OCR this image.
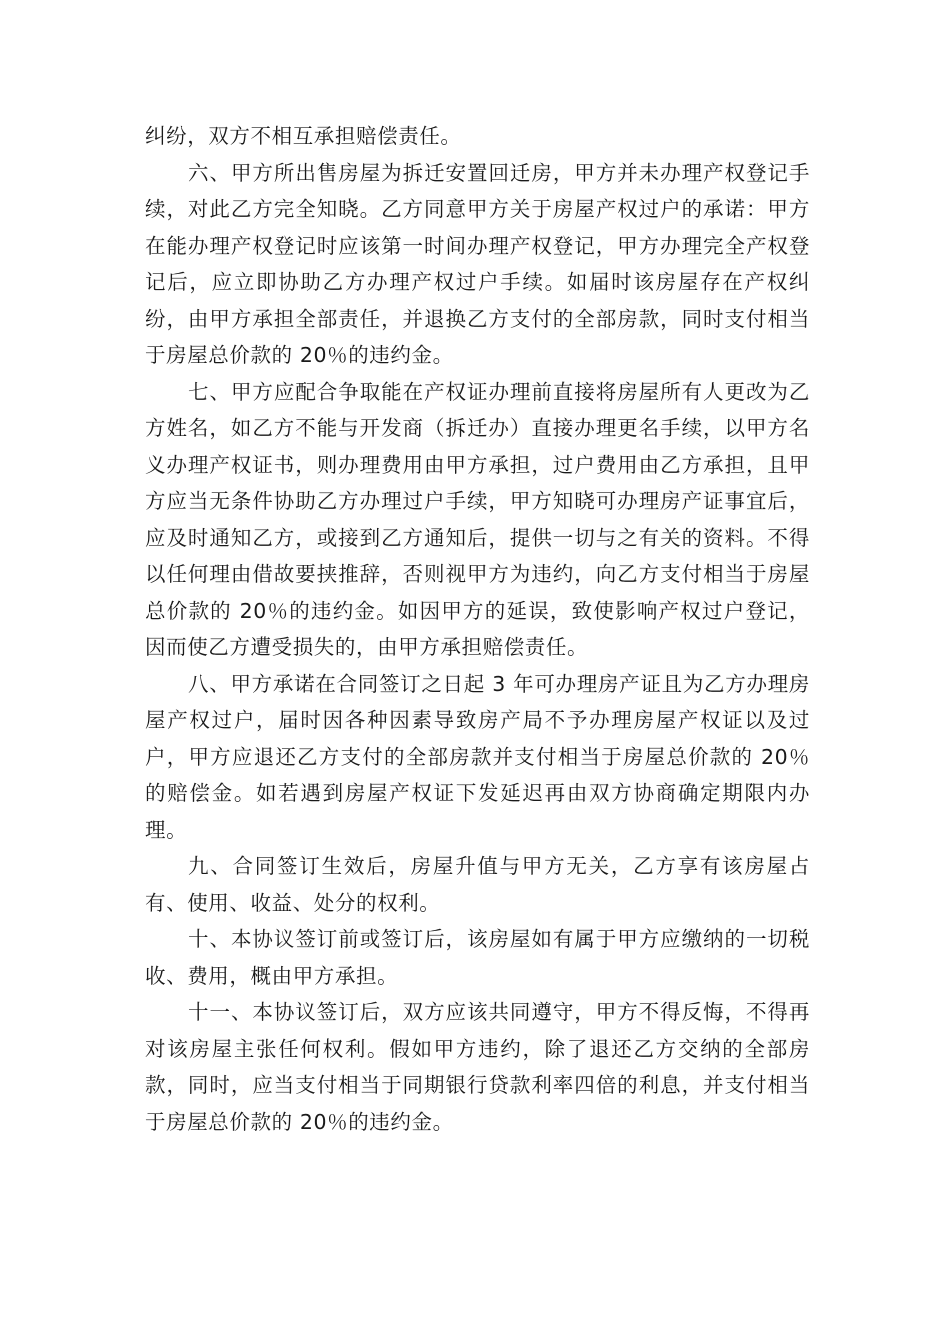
纠纷，双方不相互承担赔偿责任。

六、甲方所出售房屋为拆迁安置回迁房，甲方并未办理产权登记手续，对此乙方完全知晓。乙方同意甲方关于房屋产权过户的承诺：甲方在能办理产权登记时应该第一时间办理产权登记，甲方办理完全产权登记后，应立即协助乙方办理产权过户手续。如届时该房屋存在产权纠纷，由甲方承担全部责任，并退换乙方支付的全部房款，同时支付相当于房屋总价款的 20％的违约金。

七、甲方应配合争取能在产权证办理前直接将房屋所有人更改为乙方姓名，如乙方不能与开发商（拆迁办）直接办理更名手续，以甲方名义办理产权证书，则办理费用由甲方承担，过户费用由乙方承担，且甲方应当无条件协助乙方办理过户手续，甲方知晓可办理房产证事宜后，应及时通知乙方，或接到乙方通知后，提供一切与之有关的资料。不得以任何理由借故要挟推辞，否则视甲方为违约，向乙方支付相当于房屋总价款的 20％的违约金。如因甲方的延误，致使影响产权过户登记，因而使乙方遭受损失的，由甲方承担赔偿责任。

八、甲方承诺在合同签订之日起 3 年可办理房产证且为乙方办理房屋产权过户，届时因各种因素导致房产局不予办理房屋产权证以及过户，甲方应退还乙方支付的全部房款并支付相当于房屋总价款的 20％的赔偿金。如若遇到房屋产权证下发延迟再由双方协商确定期限内办理。

九、合同签订生效后，房屋升值与甲方无关，乙方享有该房屋占有、使用、收益、处分的权利。

十、本协议签订前或签订后，该房屋如有属于甲方应缴纳的一切税收、费用，概由甲方承担。

十一、本协议签订后，双方应该共同遵守，甲方不得反悔，不得再对该房屋主张任何权利。假如甲方违约，除了退还乙方交纳的全部房款，同时，应当支付相当于同期银行贷款利率四倍的利息，并支付相当于房屋总价款的 20％的违约金。
